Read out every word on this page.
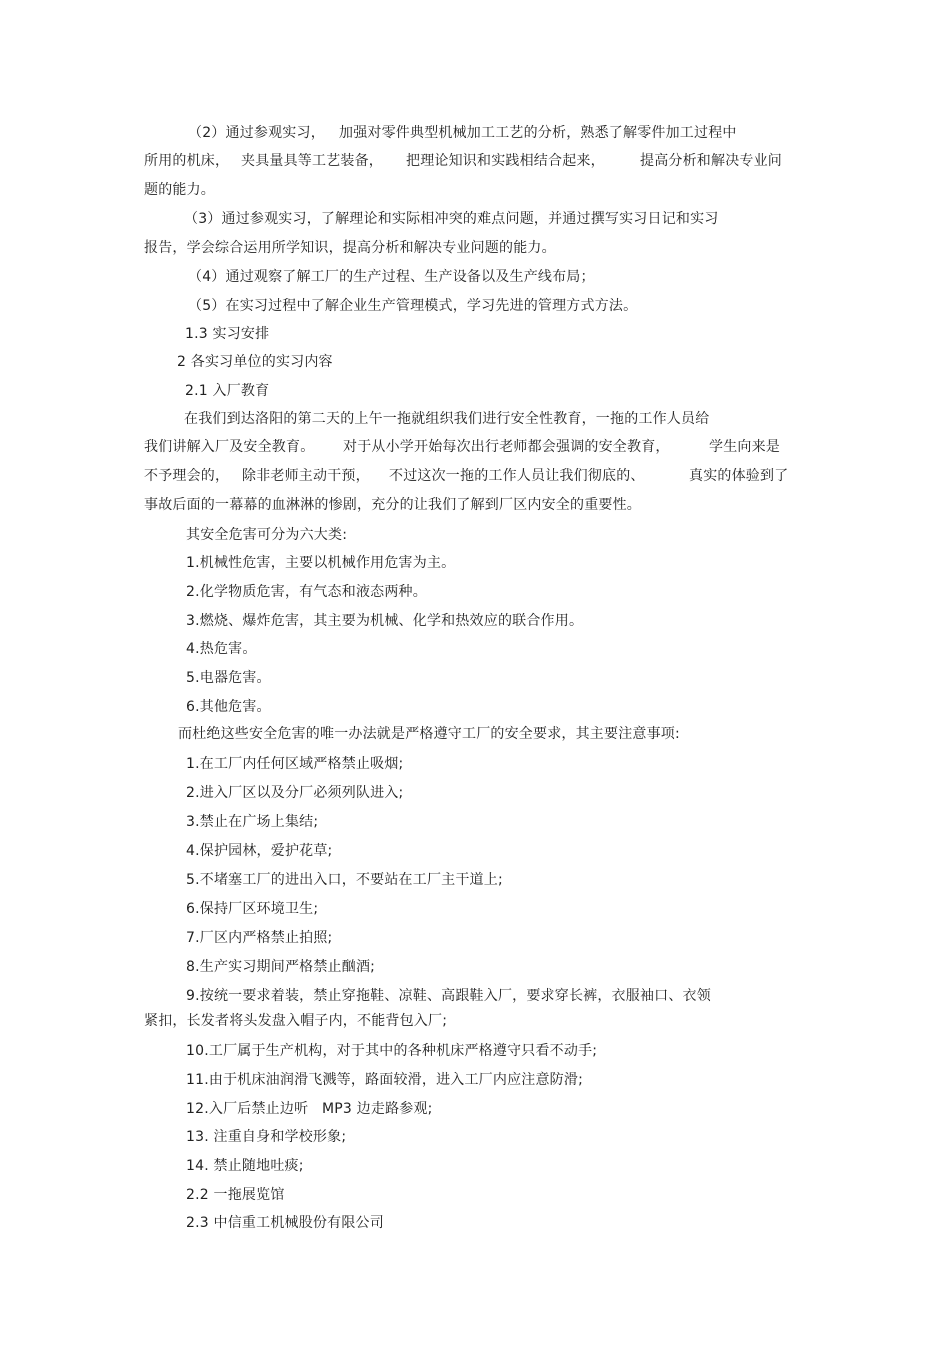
（2）通过参观实习， 加强对零件典型机械加工工艺的分析，熟悉了解零件加工过程中
所用的机床， 夹具量具等工艺装备， 把理论知识和实践相结合起来，	提高分析和解决专业问
题的能力。
（3）通过参观实习，了解理论和实际相冲突的难点问题，并通过撰写实习日记和实习
报告，学会综合运用所学知识，提高分析和解决专业问题的能力。
（4）通过观察了解工厂的生产过程、生产设备以及生产线布局；
（5）在实习过程中了解企业生产管理模式，学习先进的管理方式方法。
1.3 实习安排
2 各实习单位的实习内容
2.1 入厂教育
在我们到达洛阳的第二天的上午一拖就组织我们进行安全性教育，一拖的工作人员给
我们讲解入厂及安全教育。 对于从小学开始每次出行老师都会强调的安全教育，	学生向来是
不予理会的， 除非老师主动干预， 不过这次一拖的工作人员让我们彻底的、	真实的体验到了
事故后面的一幕幕的血淋淋的惨剧，充分的让我们了解到厂区内安全的重要性。
其安全危害可分为六大类:
1.机械性危害，主要以机械作用危害为主。
2.化学物质危害，有气态和液态两种。
3.燃烧、爆炸危害，其主要为机械、化学和热效应的联合作用。
4.热危害。
5.电器危害。
6.其他危害。
而杜绝这些安全危害的唯一办法就是严格遵守工厂的安全要求，其主要注意事项:
1.在工厂内任何区域严格禁止吸烟;
2.进入厂区以及分厂必须列队进入;
3.禁止在广场上集结;
4.保护园林，爱护花草;
5.不堵塞工厂的进出入口，不要站在工厂主干道上;
6.保持厂区环境卫生;
7.厂区内严格禁止拍照;
8.生产实习期间严格禁止酗酒;
9.按统一要求着装，禁止穿拖鞋、凉鞋、高跟鞋入厂，要求穿长裤，衣服袖口、衣领
紧扣，长发者将头发盘入帽子内，不能背包入厂;
10.工厂属于生产机构，对于其中的各种机床严格遵守只看不动手;
11.由于机床油润滑飞溅等，路面较滑，进入工厂内应注意防滑;
12.入厂后禁止边听 MP3 边走路参观;
13. 注重自身和学校形象;
14. 禁止随地吐痰;
2.2 一拖展览馆
2.3 中信重工机械股份有限公司
